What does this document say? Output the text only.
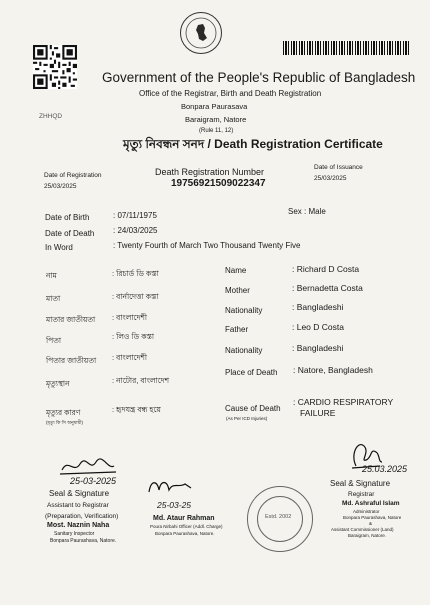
ZHHQD
Government of the People's Republic of Bangladesh
Office of the Registrar, Birth and Death Registration
Bonpara Paurasava
Baraigram, Natore
(Rule 11, 12)
মৃত্যু নিবন্ধন সনদ / Death Registration Certificate
Date of Registration
25/03/2025
Death Registration Number
19756921509022347
Date of Issuance
25/03/2025
Date of Birth	: 07/11/1975	Sex : Male
Date of Death : 24/03/2025
In Word	: Twenty Fourth of March Two Thousand Twenty Five
নাম	: রিচার্ড ডি কস্তা
মাতা	: বার্নাদেত্তা কস্তা
মাতার জাতীয়তা : বাংলাদেশী
পিতা	: লিও ডি কস্তা
পিতার জাতীয়তা : বাংলাদেশী
মৃত্যুস্থান	: নাটোর, বাংলাদেশ
মৃত্যুর কারণ
(মৃত্যু কি সি অনুযায়ী)
: হৃদযন্ত্র বন্ধ হয়ে
Name	: Richard D Costa
Mother	: Bernadetta Costa
Nationality	: Bangladeshi
Father	: Leo D Costa
Nationality	: Bangladeshi
Place of Death : Natore, Bangladesh
Cause of Death
(As Per ICD Injuries)
: CARDIO RESPIRATORY
FAILURE
25-03-2025
Seal & Signature
Assistant to Registrar
(Preparation, Verification)
Most. Naznin Naha
Sanitary Inspector
Bonpara Paurashava, Natore.
25-03-25
Md. Ataur Rahman
Poura Nirbahi Officer (Addl. Charge)
Bonpara Paurashava, Natore.
Estd. 2002
25.03.2025
Seal & Signature
Registrar
Md. Ashraful Islam
Administrator
Bonpara Paurashava, Natore
&
Assistant Commissioner (Land)
Baraigram, Natore.
